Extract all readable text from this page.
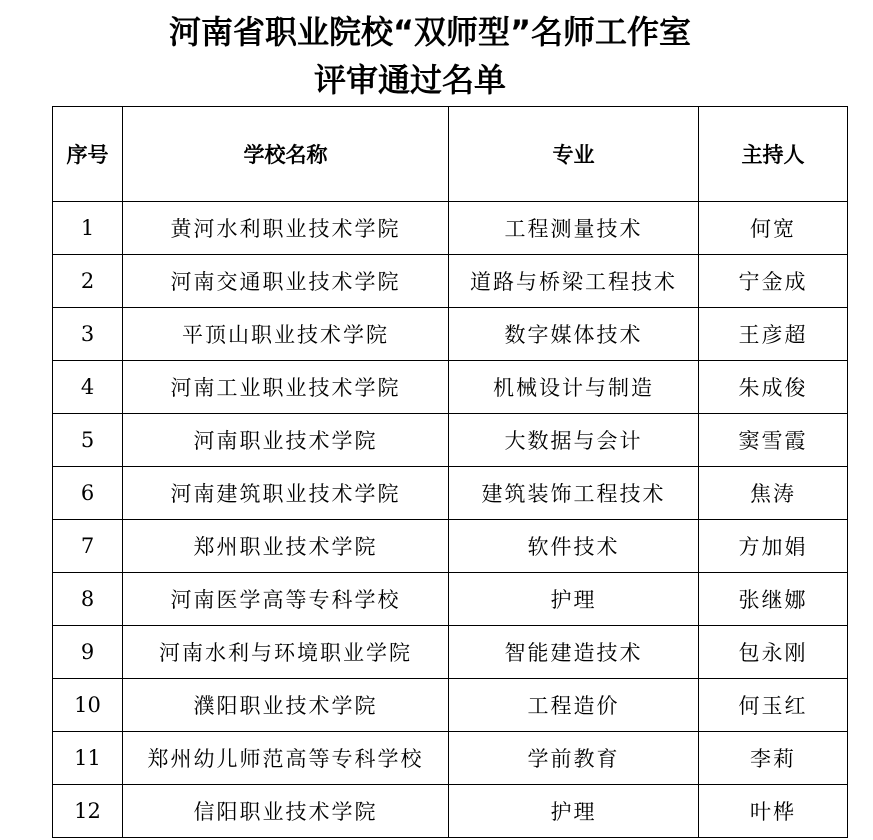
河南省职业院校“双师型”名师工作室
评审通过名单
序号	学校名称	专业	主持人
1	黄河水利职业技术学院	工程测量技术	何宽
2	河南交通职业技术学院	道路与桥梁工程技术	宁金成
3	平顶山职业技术学院	数字媒体技术	王彦超
4	河南工业职业技术学院	机械设计与制造	朱成俊
5	河南职业技术学院	大数据与会计	窦雪霞
6	河南建筑职业技术学院	建筑装饰工程技术	焦涛
7	郑州职业技术学院	软件技术	方加娟
8	河南医学高等专科学校	护理	张继娜
9	河南水利与环境职业学院	智能建造技术	包永刚
10	濮阳职业技术学院	工程造价	何玉红
11	郑州幼儿师范高等专科学校	学前教育	李莉
12	信阳职业技术学院	护理	叶桦
